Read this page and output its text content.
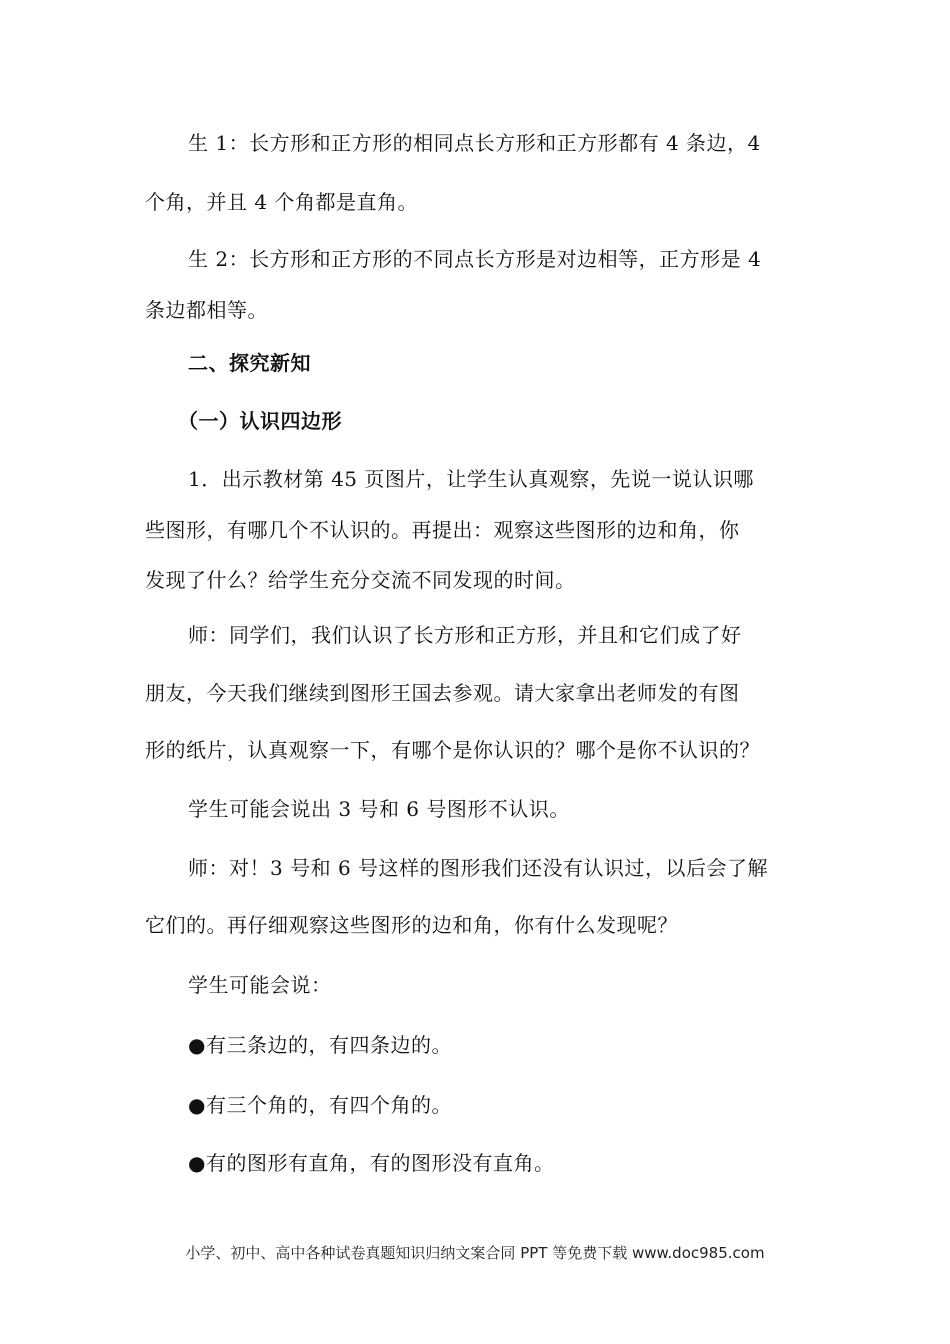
生 1：长方形和正方形的相同点长方形和正方形都有 4 条边，4
个角，并且 4 个角都是直角。
生 2：长方形和正方形的不同点长方形是对边相等，正方形是 4
条边都相等。
二、探究新知
（一）认识四边形
1．出示教材第 45 页图片，让学生认真观察，先说一说认识哪
些图形，有哪几个不认识的。再提出：观察这些图形的边和角，你
发现了什么？给学生充分交流不同发现的时间。
师：同学们，我们认识了长方形和正方形，并且和它们成了好
朋友，今天我们继续到图形王国去参观。请大家拿出老师发的有图
形的纸片，认真观察一下，有哪个是你认识的？哪个是你不认识的？
学生可能会说出 3 号和 6 号图形不认识。
师：对！3 号和 6 号这样的图形我们还没有认识过，以后会了解
它们的。再仔细观察这些图形的边和角，你有什么发现呢？
学生可能会说：
●有三条边的，有四条边的。
●有三个角的，有四个角的。
●有的图形有直角，有的图形没有直角。
小学、初中、高中各种试卷真题知识归纳文案合同 PPT 等免费下载 www.doc985.com
